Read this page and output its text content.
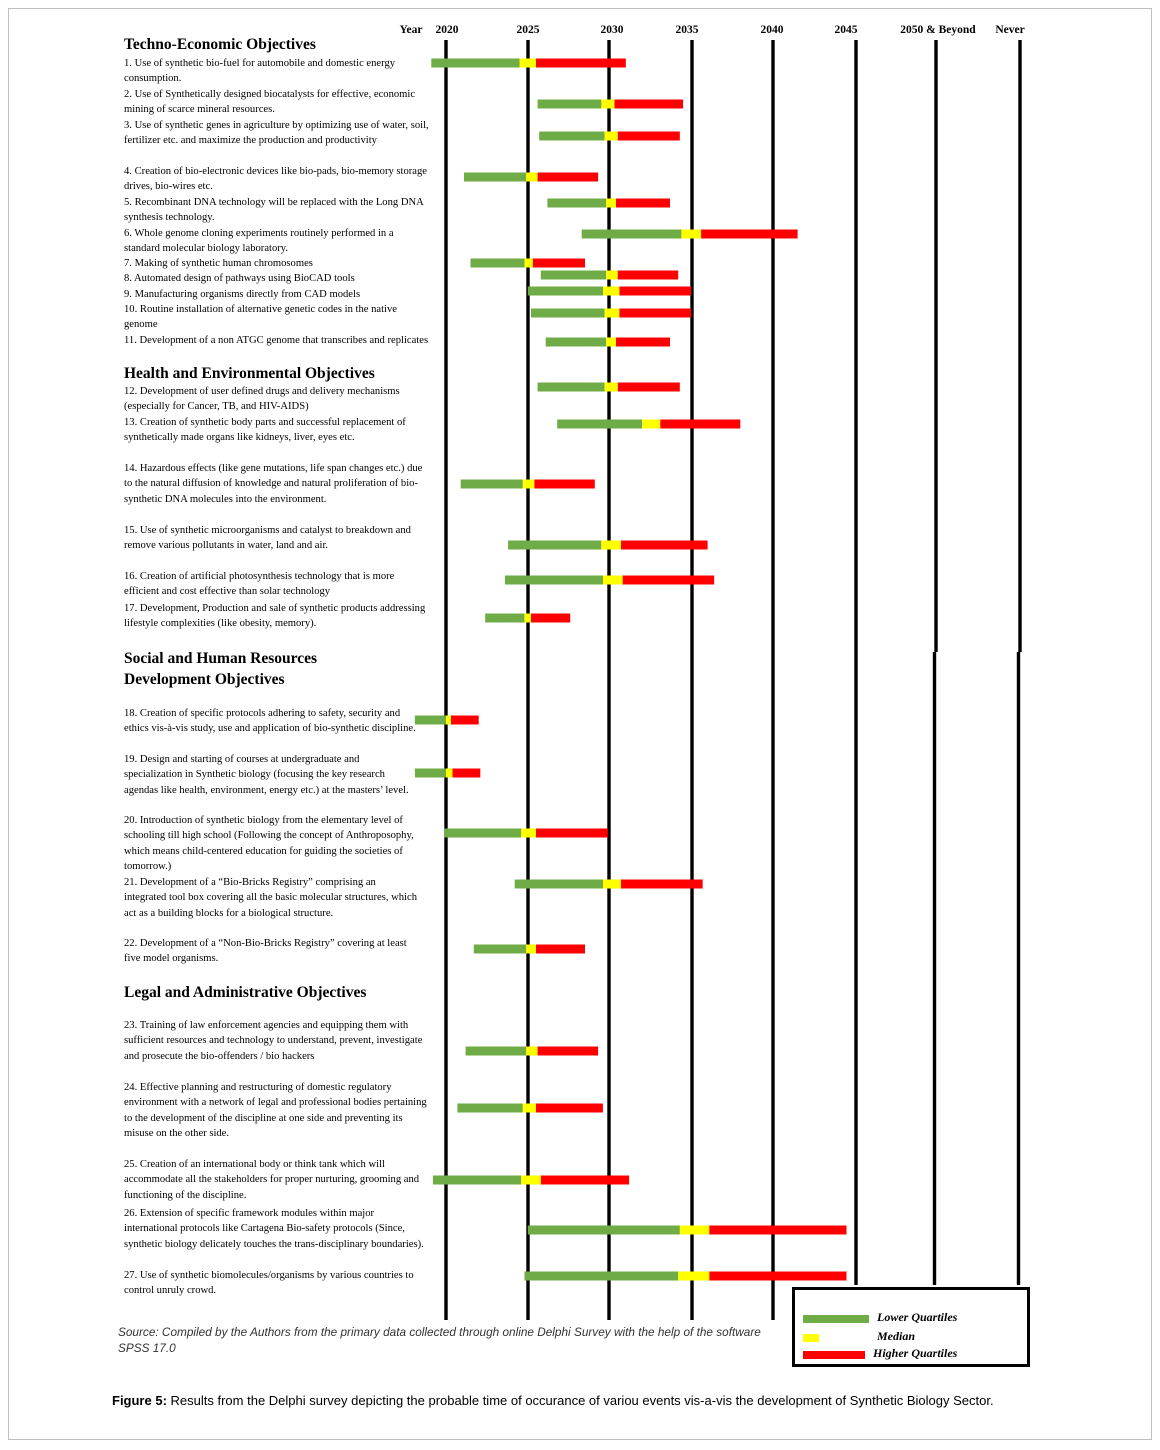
Year 2020	2025	2030	2035	2040	2045	2050 & Beyond Never
Techno-Economic Objectives
Health and Environmental Objectives
Social and Human Resources
Development Objectives
Legal and Administrative Objectives
1. Use of synthetic bio-fuel for automobile and domestic energy consumption.
2. Use of Synthetically designed biocatalysts for effective, economic mining of scarce mineral resources.
3. Use of synthetic genes in agriculture by optimizing use of water, soil, fertilizer etc. and maximize the production and productivity
4. Creation of bio-electronic devices like bio-pads, bio-memory storage drives, bio-wires etc.
5. Recombinant DNA technology will be replaced with the Long DNA synthesis technology.
6. Whole genome cloning experiments routinely performed in a standard molecular biology laboratory.
7. Making of synthetic human chromosomes
8. Automated design of pathways using BioCAD tools
9. Manufacturing organisms directly from CAD models
10. Routine installation of alternative genetic codes in the native genome
11. Development of a non ATGC genome that transcribes and replicates
12. Development of user defined drugs and delivery mechanisms (especially for Cancer, TB, and HIV-AIDS)
13. Creation of synthetic body parts and successful replacement of synthetically made organs like kidneys, liver, eyes etc.
14. Hazardous effects (like gene mutations, life span changes etc.) due to the natural diffusion of knowledge and natural proliferation of bio-synthetic DNA molecules into the environment.
15. Use of synthetic microorganisms and catalyst to breakdown and remove various pollutants in water, land and air.
16. Creation of artificial photosynthesis technology that is more efficient and cost effective than solar technology
17. Development, Production and sale of synthetic products addressing lifestyle complexities (like obesity, memory).
18. Creation of specific protocols adhering to safety, security and ethics vis-à-vis study, use and application of bio-synthetic discipline.
19. Design and starting of courses at undergraduate and specialization in Synthetic biology (focusing the key research agendas like health, environment, energy etc.) at the masters’ level.
20. Introduction of synthetic biology from the elementary level of schooling till high school (Following the concept of Anthroposophy, which means child-centered education for guiding the societies of tomorrow.)
21. Development of a “Bio-Bricks Registry” comprising an integrated tool box covering all the basic molecular structures, which act as a building blocks for a biological structure.
22. Development of a “Non-Bio-Bricks Registry” covering at least five model organisms.
23. Training of law enforcement agencies and equipping them with sufficient resources and technology to understand, prevent, investigate and prosecute the bio-offenders / bio hackers
24. Effective planning and restructuring of domestic regulatory environment with a network of legal and professional bodies pertaining to the development of the discipline at one side and preventing its misuse on the other side.
25. Creation of an international body or think tank which will accommodate all the stakeholders for proper nurturing, grooming and functioning of the discipline.
26. Extension of specific framework modules within major international protocols like Cartagena Bio-safety protocols (Since, synthetic biology delicately touches the trans-disciplinary boundaries).
27. Use of synthetic biomolecules/organisms by various countries to control unruly crowd.
Source: Compiled by the Authors from the primary data collected through online Delphi Survey with the help of the software SPSS 17.0
Lower Quartiles
Median
Higher Quartiles
Figure 5: Results from the Delphi survey depicting the probable time of occurance of variou events vis-a-vis the development of Synthetic Biology Sector.
